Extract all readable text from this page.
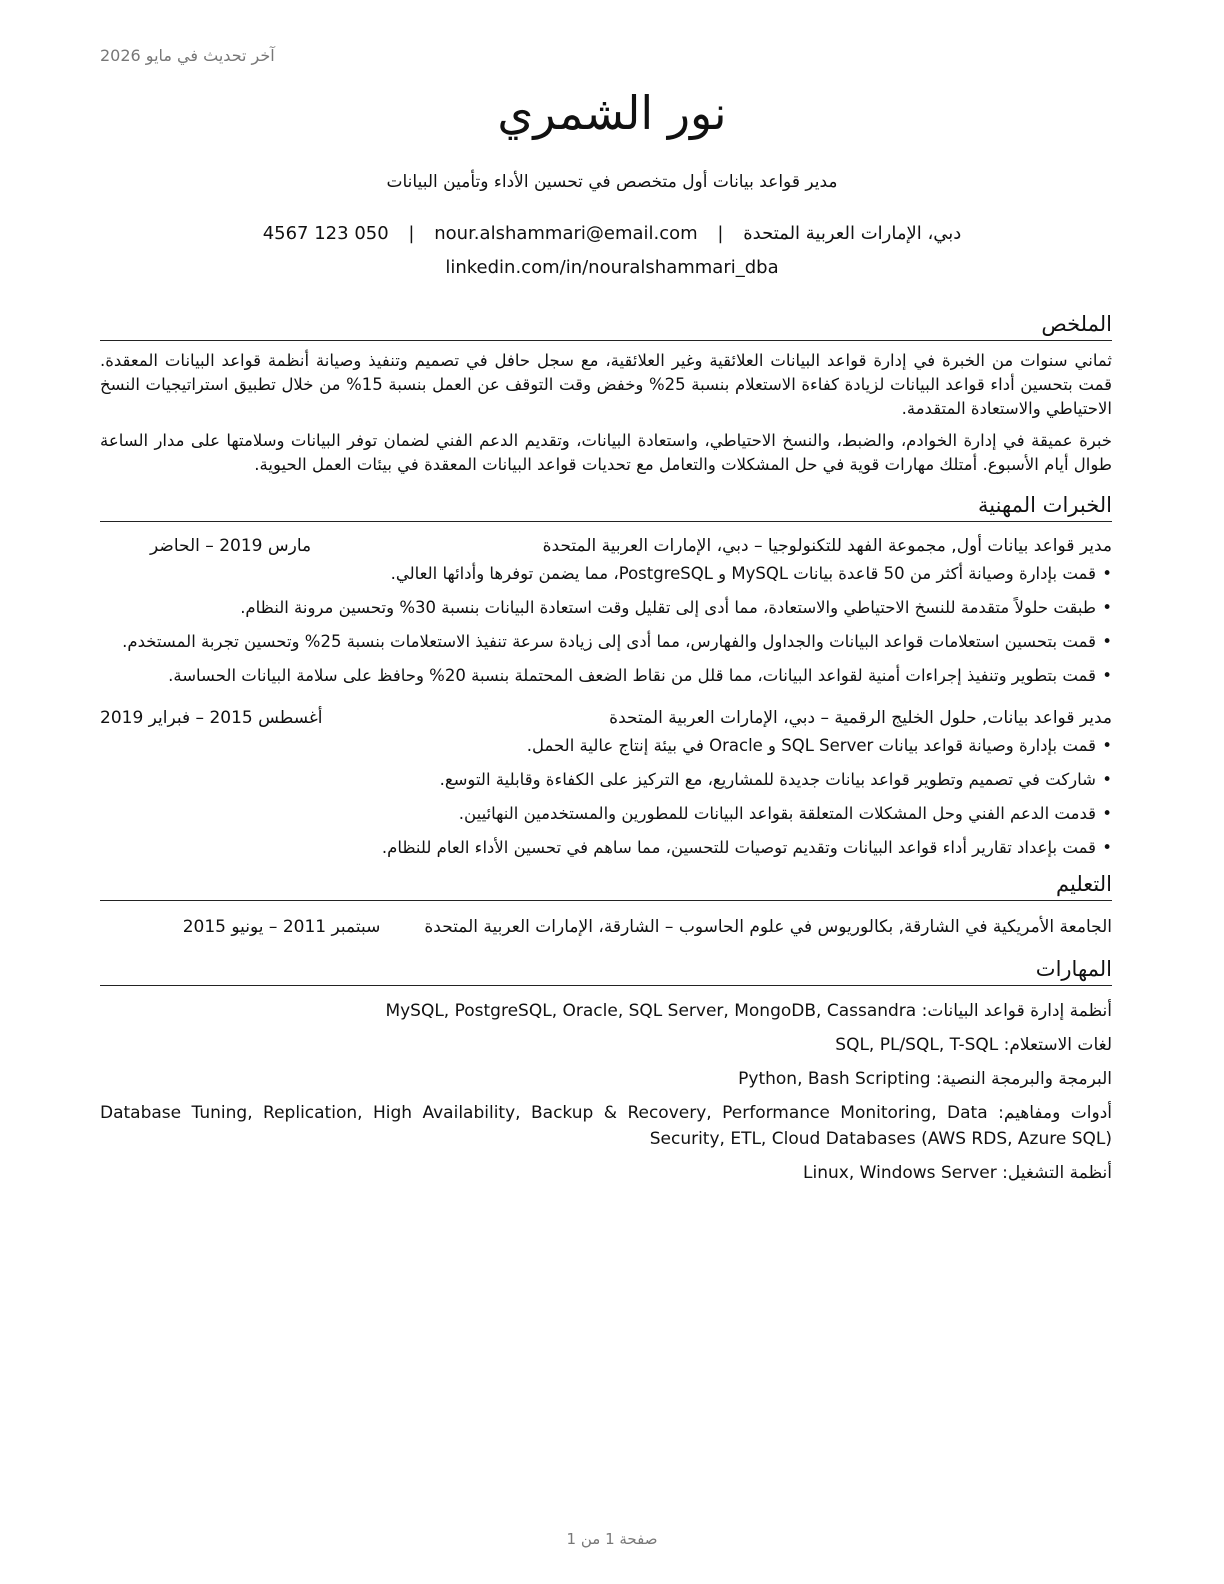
آخر تحديث في مايو 2026
نور الشمري
مدير قواعد بيانات أول متخصص في تحسين الأداء وتأمين البيانات
دبي، الإمارات العربية المتحدة | nour.alshammari@email.com | 050 123 4567
linkedin.com/in/nouralshammari_dba
الملخص

ثماني سنوات من الخبرة في إدارة قواعد البيانات العلائقية وغير العلائقية، مع سجل حافل في تصميم وتنفيذ وصيانة أنظمة قواعد البيانات المعقدة. قمت بتحسين أداء قواعد البيانات لزيادة كفاءة الاستعلام بنسبة 25% وخفض وقت التوقف عن العمل بنسبة 15% من خلال تطبيق استراتيجيات النسخ الاحتياطي والاستعادة المتقدمة.

خبرة عميقة في إدارة الخوادم، والضبط، والنسخ الاحتياطي، واستعادة البيانات، وتقديم الدعم الفني لضمان توفر البيانات وسلامتها على مدار الساعة طوال أيام الأسبوع. أمتلك مهارات قوية في حل المشكلات والتعامل مع تحديات قواعد البيانات المعقدة في بيئات العمل الحيوية.

الخبرات المهنية
مدير قواعد بيانات أول, مجموعة الفهد للتكنولوجيا – دبي، الإمارات العربية المتحدة
مارس 2019 – الحاضر
• قمت بإدارة وصيانة أكثر من 50 قاعدة بيانات MySQL و PostgreSQL، مما يضمن توفرها وأدائها العالي.
• طبقت حلولاً متقدمة للنسخ الاحتياطي والاستعادة، مما أدى إلى تقليل وقت استعادة البيانات بنسبة 30% وتحسين مرونة النظام.
• قمت بتحسين استعلامات قواعد البيانات والجداول والفهارس، مما أدى إلى زيادة سرعة تنفيذ الاستعلامات بنسبة 25% وتحسين تجربة المستخدم.
• قمت بتطوير وتنفيذ إجراءات أمنية لقواعد البيانات، مما قلل من نقاط الضعف المحتملة بنسبة 20% وحافظ على سلامة البيانات الحساسة.
مدير قواعد بيانات, حلول الخليج الرقمية – دبي، الإمارات العربية المتحدة
أغسطس 2015 – فبراير 2019
• قمت بإدارة وصيانة قواعد بيانات SQL Server و Oracle في بيئة إنتاج عالية الحمل.
• شاركت في تصميم وتطوير قواعد بيانات جديدة للمشاريع، مع التركيز على الكفاءة وقابلية التوسع.
• قدمت الدعم الفني وحل المشكلات المتعلقة بقواعد البيانات للمطورين والمستخدمين النهائيين.
• قمت بإعداد تقارير أداء قواعد البيانات وتقديم توصيات للتحسين، مما ساهم في تحسين الأداء العام للنظام.
التعليم
الجامعة الأمريكية في الشارقة, بكالوريوس في علوم الحاسوب – الشارقة، الإمارات العربية المتحدة
سبتمبر 2011 – يونيو 2015
المهارات
أنظمة إدارة قواعد البيانات: MySQL, PostgreSQL, Oracle, SQL Server, MongoDB, Cassandra
لغات الاستعلام: SQL, PL/SQL, T-SQL
البرمجة والبرمجة النصية: Python, Bash Scripting
أدوات ومفاهيم: Database Tuning, Replication, High Availability, Backup & Recovery, Performance Monitoring, Data Security, ETL, Cloud Databases (AWS RDS, Azure SQL)
أنظمة التشغيل: Linux, Windows Server
صفحة 1 من 1
